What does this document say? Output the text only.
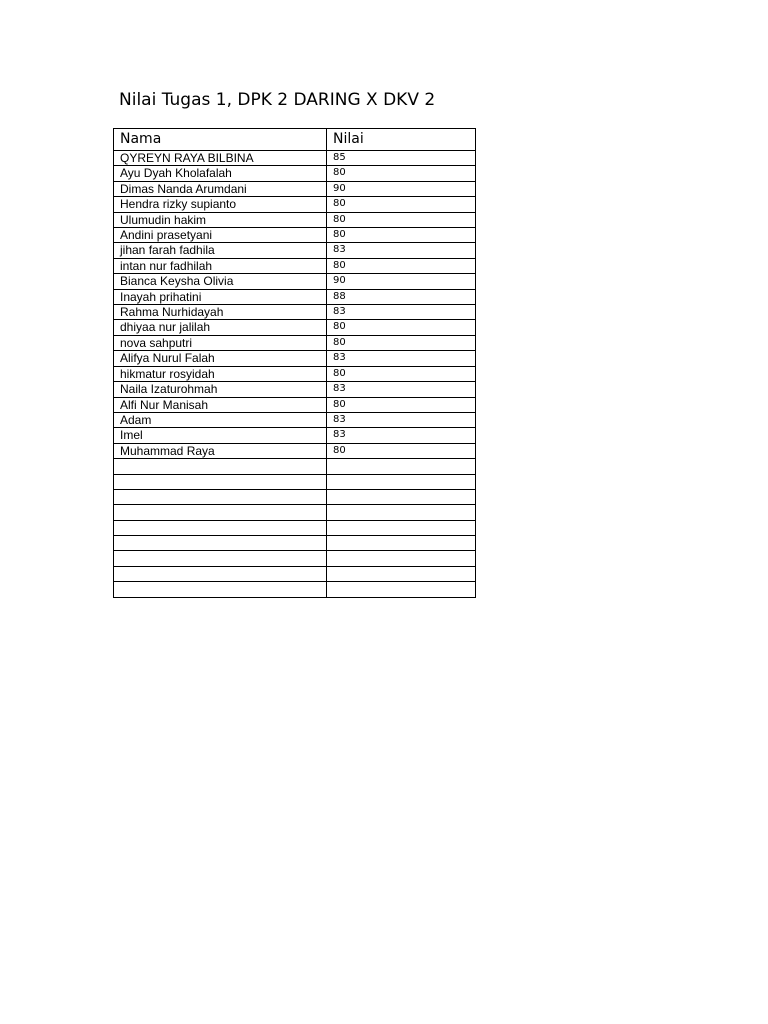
Nilai Tugas 1, DPK 2 DARING X DKV 2
Nama	Nilai
QYREYN RAYA BILBINA	85
Ayu Dyah Kholafalah	80
Dimas Nanda Arumdani	90
Hendra rizky supianto	80
Ulumudin hakim	80
Andini prasetyani	80
jihan farah fadhila	83
intan nur fadhilah	80
Bianca Keysha Olivia	90
Inayah prihatini	88
Rahma Nurhidayah	83
dhiyaa nur jalilah	80
nova sahputri	80
Alifya Nurul Falah	83
hikmatur rosyidah	80
Naila Izaturohmah	83
Alfi Nur Manisah	80
Adam	83
Imel	83
Muhammad Raya	80
